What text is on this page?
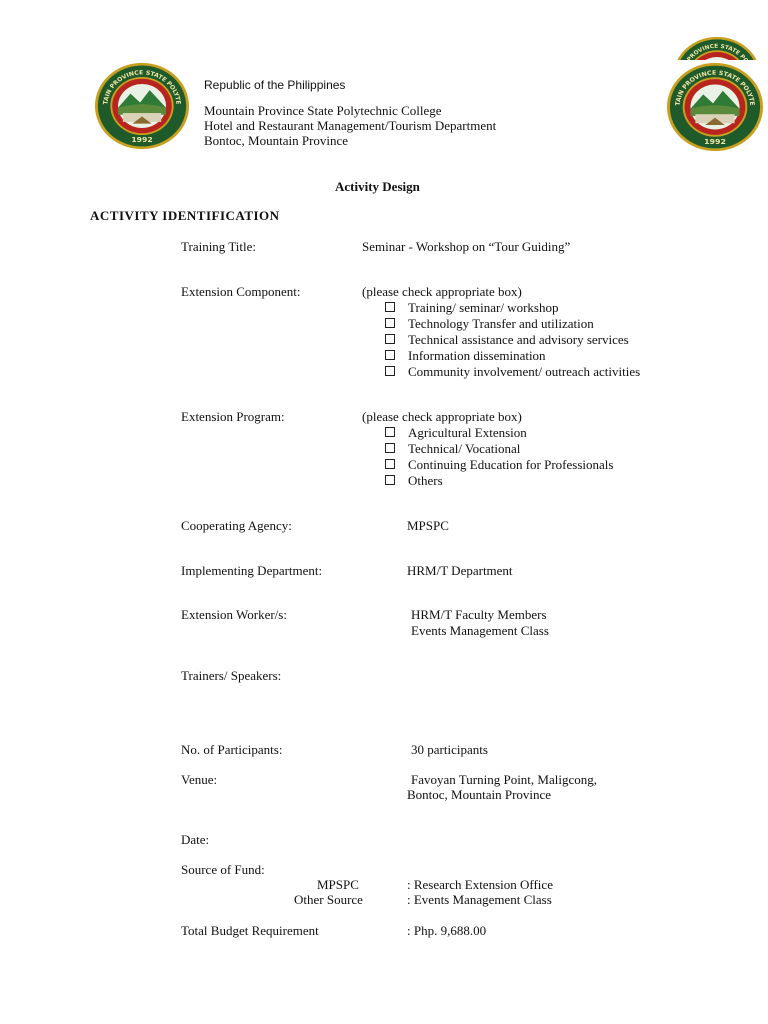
Republic of the Philippines
Mountain Province State Polytechnic College
Hotel and Restaurant Management/Tourism Department
Bontoc, Mountain Province
Activity Design
ACTIVITY IDENTIFICATION
Training Title:	Seminar - Workshop on “Tour Guiding”
Extension Component:	(please check appropriate box)
Training/ seminar/ workshop
Technology Transfer and utilization
Technical assistance and advisory services
Information dissemination
Community involvement/ outreach activities
Extension Program:	(please check appropriate box)
Agricultural Extension
Technical/ Vocational
Continuing Education for Professionals
Others
Cooperating Agency:	MPSPC
Implementing Department:	HRM/T Department
Extension Worker/s:	HRM/T Faculty Members
Events Management Class
Trainers/ Speakers:
No. of Participants:	30 participants
Venue:	Favoyan Turning Point, Maligcong,
Bontoc, Mountain Province
Date:
Source of Fund:
MPSPC	: Research Extension Office
Other Source	: Events Management Class
Total Budget Requirement	: Php. 9,688.00
